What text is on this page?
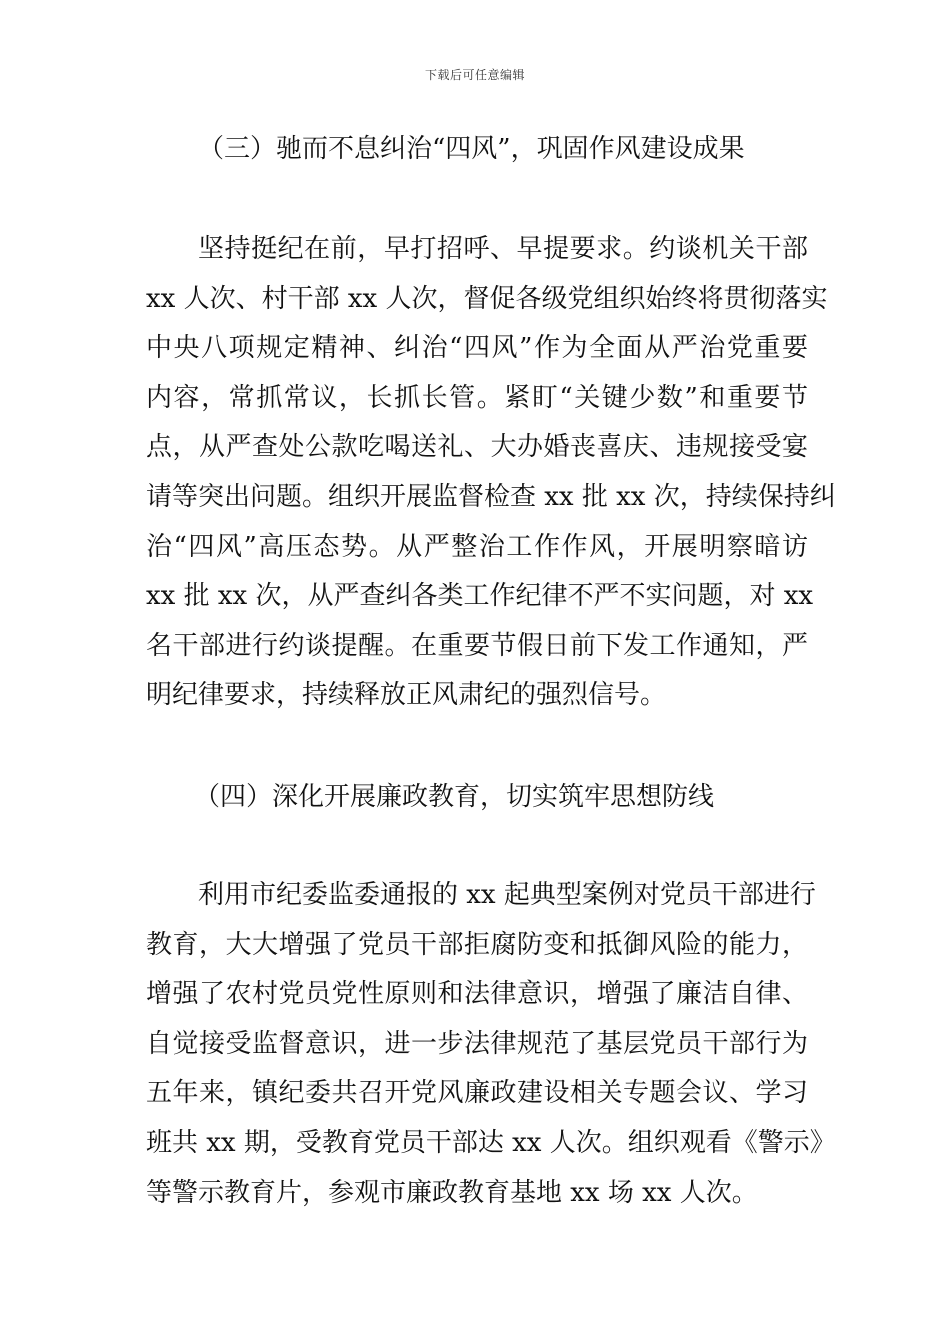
下载后可任意编辑
（三）驰而不息纠治“四风”，巩固作风建设成果
坚持挺纪在前，早打招呼、早提要求。约谈机关干部
xx 人次、村干部 xx 人次，督促各级党组织始终将贯彻落实
中央八项规定精神、纠治“四风”作为全面从严治党重要
内容，常抓常议，长抓长管。紧盯“关键少数”和重要节
点，从严查处公款吃喝送礼、大办婚丧喜庆、违规接受宴
请等突出问题。组织开展监督检查 xx 批 xx 次，持续保持纠
治“四风”高压态势。从严整治工作作风，开展明察暗访
xx 批 xx 次，从严查纠各类工作纪律不严不实问题，对 xx
名干部进行约谈提醒。在重要节假日前下发工作通知，严
明纪律要求，持续释放正风肃纪的强烈信号。
（四）深化开展廉政教育，切实筑牢思想防线
利用市纪委监委通报的 xx 起典型案例对党员干部进行
教育，大大增强了党员干部拒腐防变和抵御风险的能力，
增强了农村党员党性原则和法律意识，增强了廉洁自律、
自觉接受监督意识，进一步法律规范了基层党员干部行为
五年来，镇纪委共召开党风廉政建设相关专题会议、学习
班共 xx 期，受教育党员干部达 xx 人次。组织观看《警示》
等警示教育片，参观市廉政教育基地 xx 场 xx 人次。
